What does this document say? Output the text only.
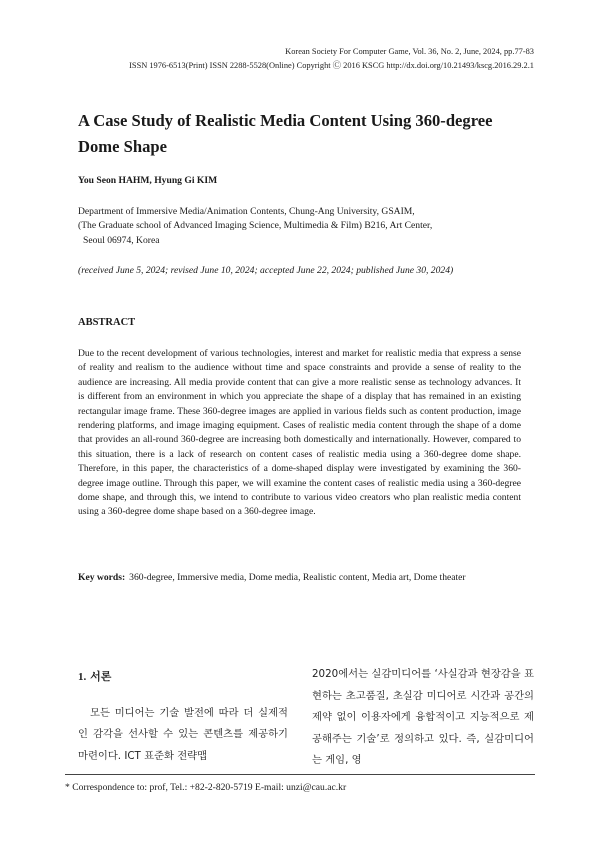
Korean Society For Computer Game, Vol. 36, No. 2, June, 2024, pp.77-83
ISSN 1976-6513(Print) ISSN 2288-5528(Online) Copyright Ⓒ 2016 KSCG http://dx.doi.org/10.21493/kscg.2016.29.2.1
A Case Study of Realistic Media Content Using 360-degree Dome Shape

You Seon HAHM, Hyung Gi KIM

Department of Immersive Media/Animation Contents, Chung-Ang University, GSAIM,
(The Graduate school of Advanced Imaging Science, Multimedia & Film) B216, Art Center,
Seoul 06974, Korea

(received June 5, 2024; revised June 10, 2024; accepted June 22, 2024; published June 30, 2024)

ABSTRACT

Due to the recent development of various technologies, interest and market for realistic media that express a sense of reality and realism to the audience without time and space constraints and provide a sense of reality to the audience are increasing. All media provide content that can give a more realistic sense as technology advances. It is different from an environment in which you appreciate the shape of a display that has remained in an existing rectangular image frame. These 360-degree images are applied in various fields such as content production, image rendering platforms, and image imaging equipment. Cases of realistic media content through the shape of a dome that provides an all-round 360-degree are increasing both domestically and internationally. However, compared to this situation, there is a lack of research on content cases of realistic media using a 360-degree dome shape. Therefore, in this paper, the characteristics of a dome-shaped display were investigated by examining the 360-degree image outline. Through this paper, we will examine the content cases of realistic media using a 360-degree dome shape, and through this, we intend to contribute to various video creators who plan realistic media content using a 360-degree dome shape based on a 360-degree image.

Key words: 360-degree, Immersive media, Dome media, Realistic content, Media art, Dome theater
1. 서론

모든 미디어는 기술 발전에 따라 더 실제적인 감각을 선사할 수 있는 콘텐츠를 제공하기 마련이다. ICT 표준화 전략맵

2020에서는 실감미디어를 ‘사실감과 현장감을 표현하는 초고품질, 초실감 미디어로 시간과 공간의 제약 없이 이용자에게 융합적이고 지능적으로 제공해주는 기술’로 정의하고 있다. 즉, 실감미디어는 게임, 영

* Correspondence to: prof, Tel.: +82-2-820-5719 E-mail: unzi@cau.ac.kr
